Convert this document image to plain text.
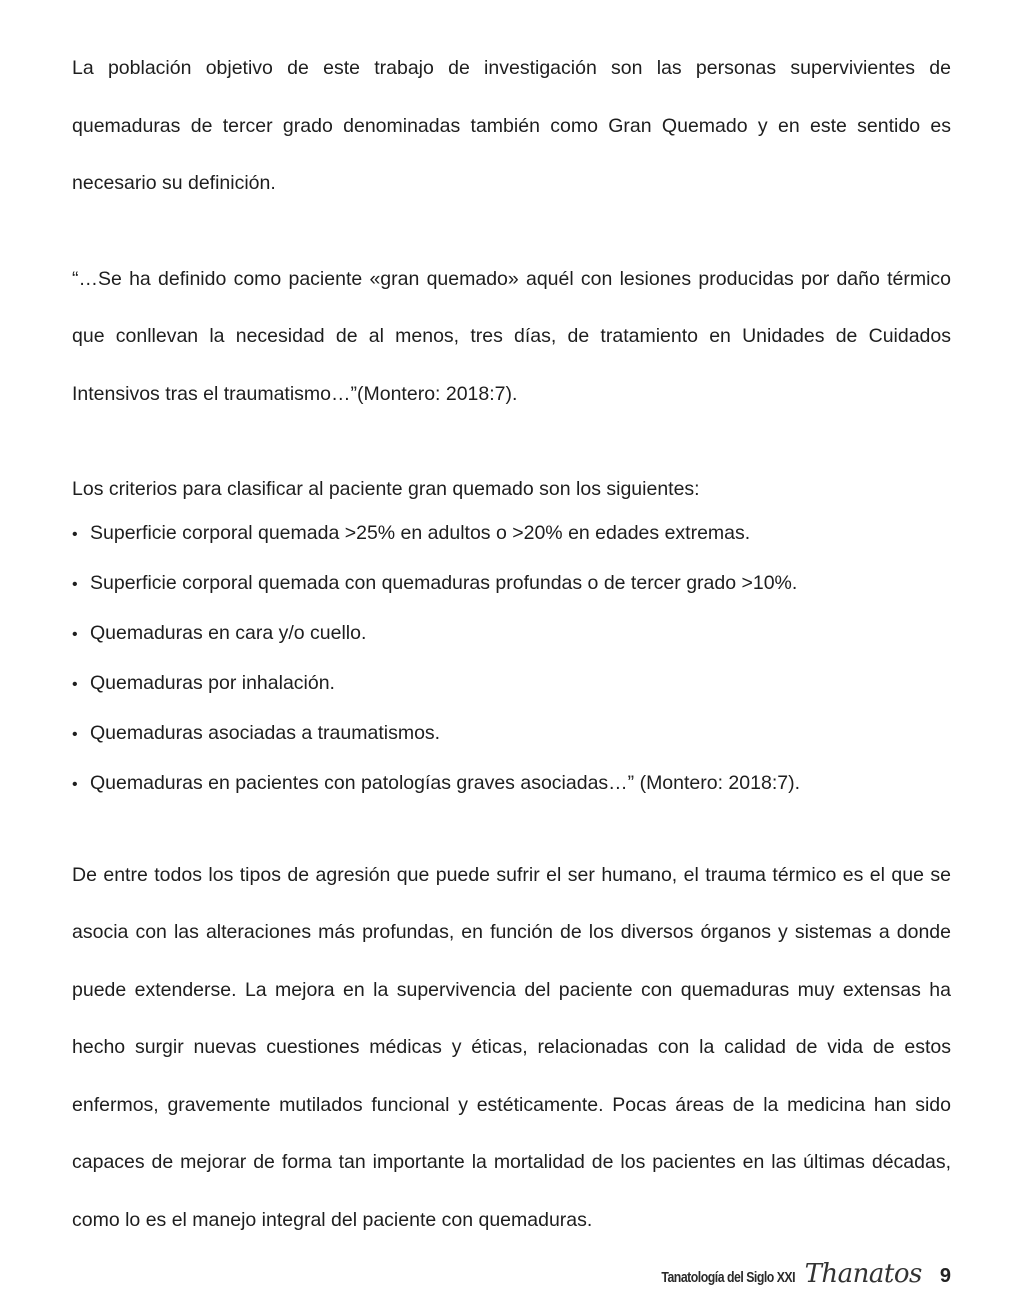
La población objetivo de este trabajo de investigación son las personas supervivientes de quemaduras de tercer grado denominadas también como Gran Quemado y en este sentido es necesario su definición.

“…Se ha definido como paciente «gran quemado» aquél con lesiones producidas por daño térmico que conllevan la necesidad de al menos, tres días, de tratamiento en Unidades de Cuidados Intensivos tras el traumatismo…”(Montero: 2018:7).

Los criterios para clasificar al paciente gran quemado son los siguientes:

• Superficie corporal quemada >25% en adultos o >20% en edades extremas.
• Superficie corporal quemada con quemaduras profundas o de tercer grado >10%.
• Quemaduras en cara y/o cuello.
• Quemaduras por inhalación.
• Quemaduras asociadas a traumatismos.
• Quemaduras en pacientes con patologías graves asociadas…” (Montero: 2018:7).

De entre todos los tipos de agresión que puede sufrir el ser humano, el trauma térmico es el que se asocia con las alteraciones más profundas, en función de los diversos órganos y sistemas a donde puede extenderse. La mejora en la supervivencia del paciente con quemaduras muy extensas ha hecho surgir nuevas cuestiones médicas y éticas, relacionadas con la calidad de vida de estos enfermos, gravemente mutilados funcional y estéticamente. Pocas áreas de la medicina han sido capaces de mejorar de forma tan importante la mortalidad de los pacientes en las últimas décadas, como lo es el manejo integral del paciente con quemaduras.

Tanatología del Siglo XXI Thanatos 9
